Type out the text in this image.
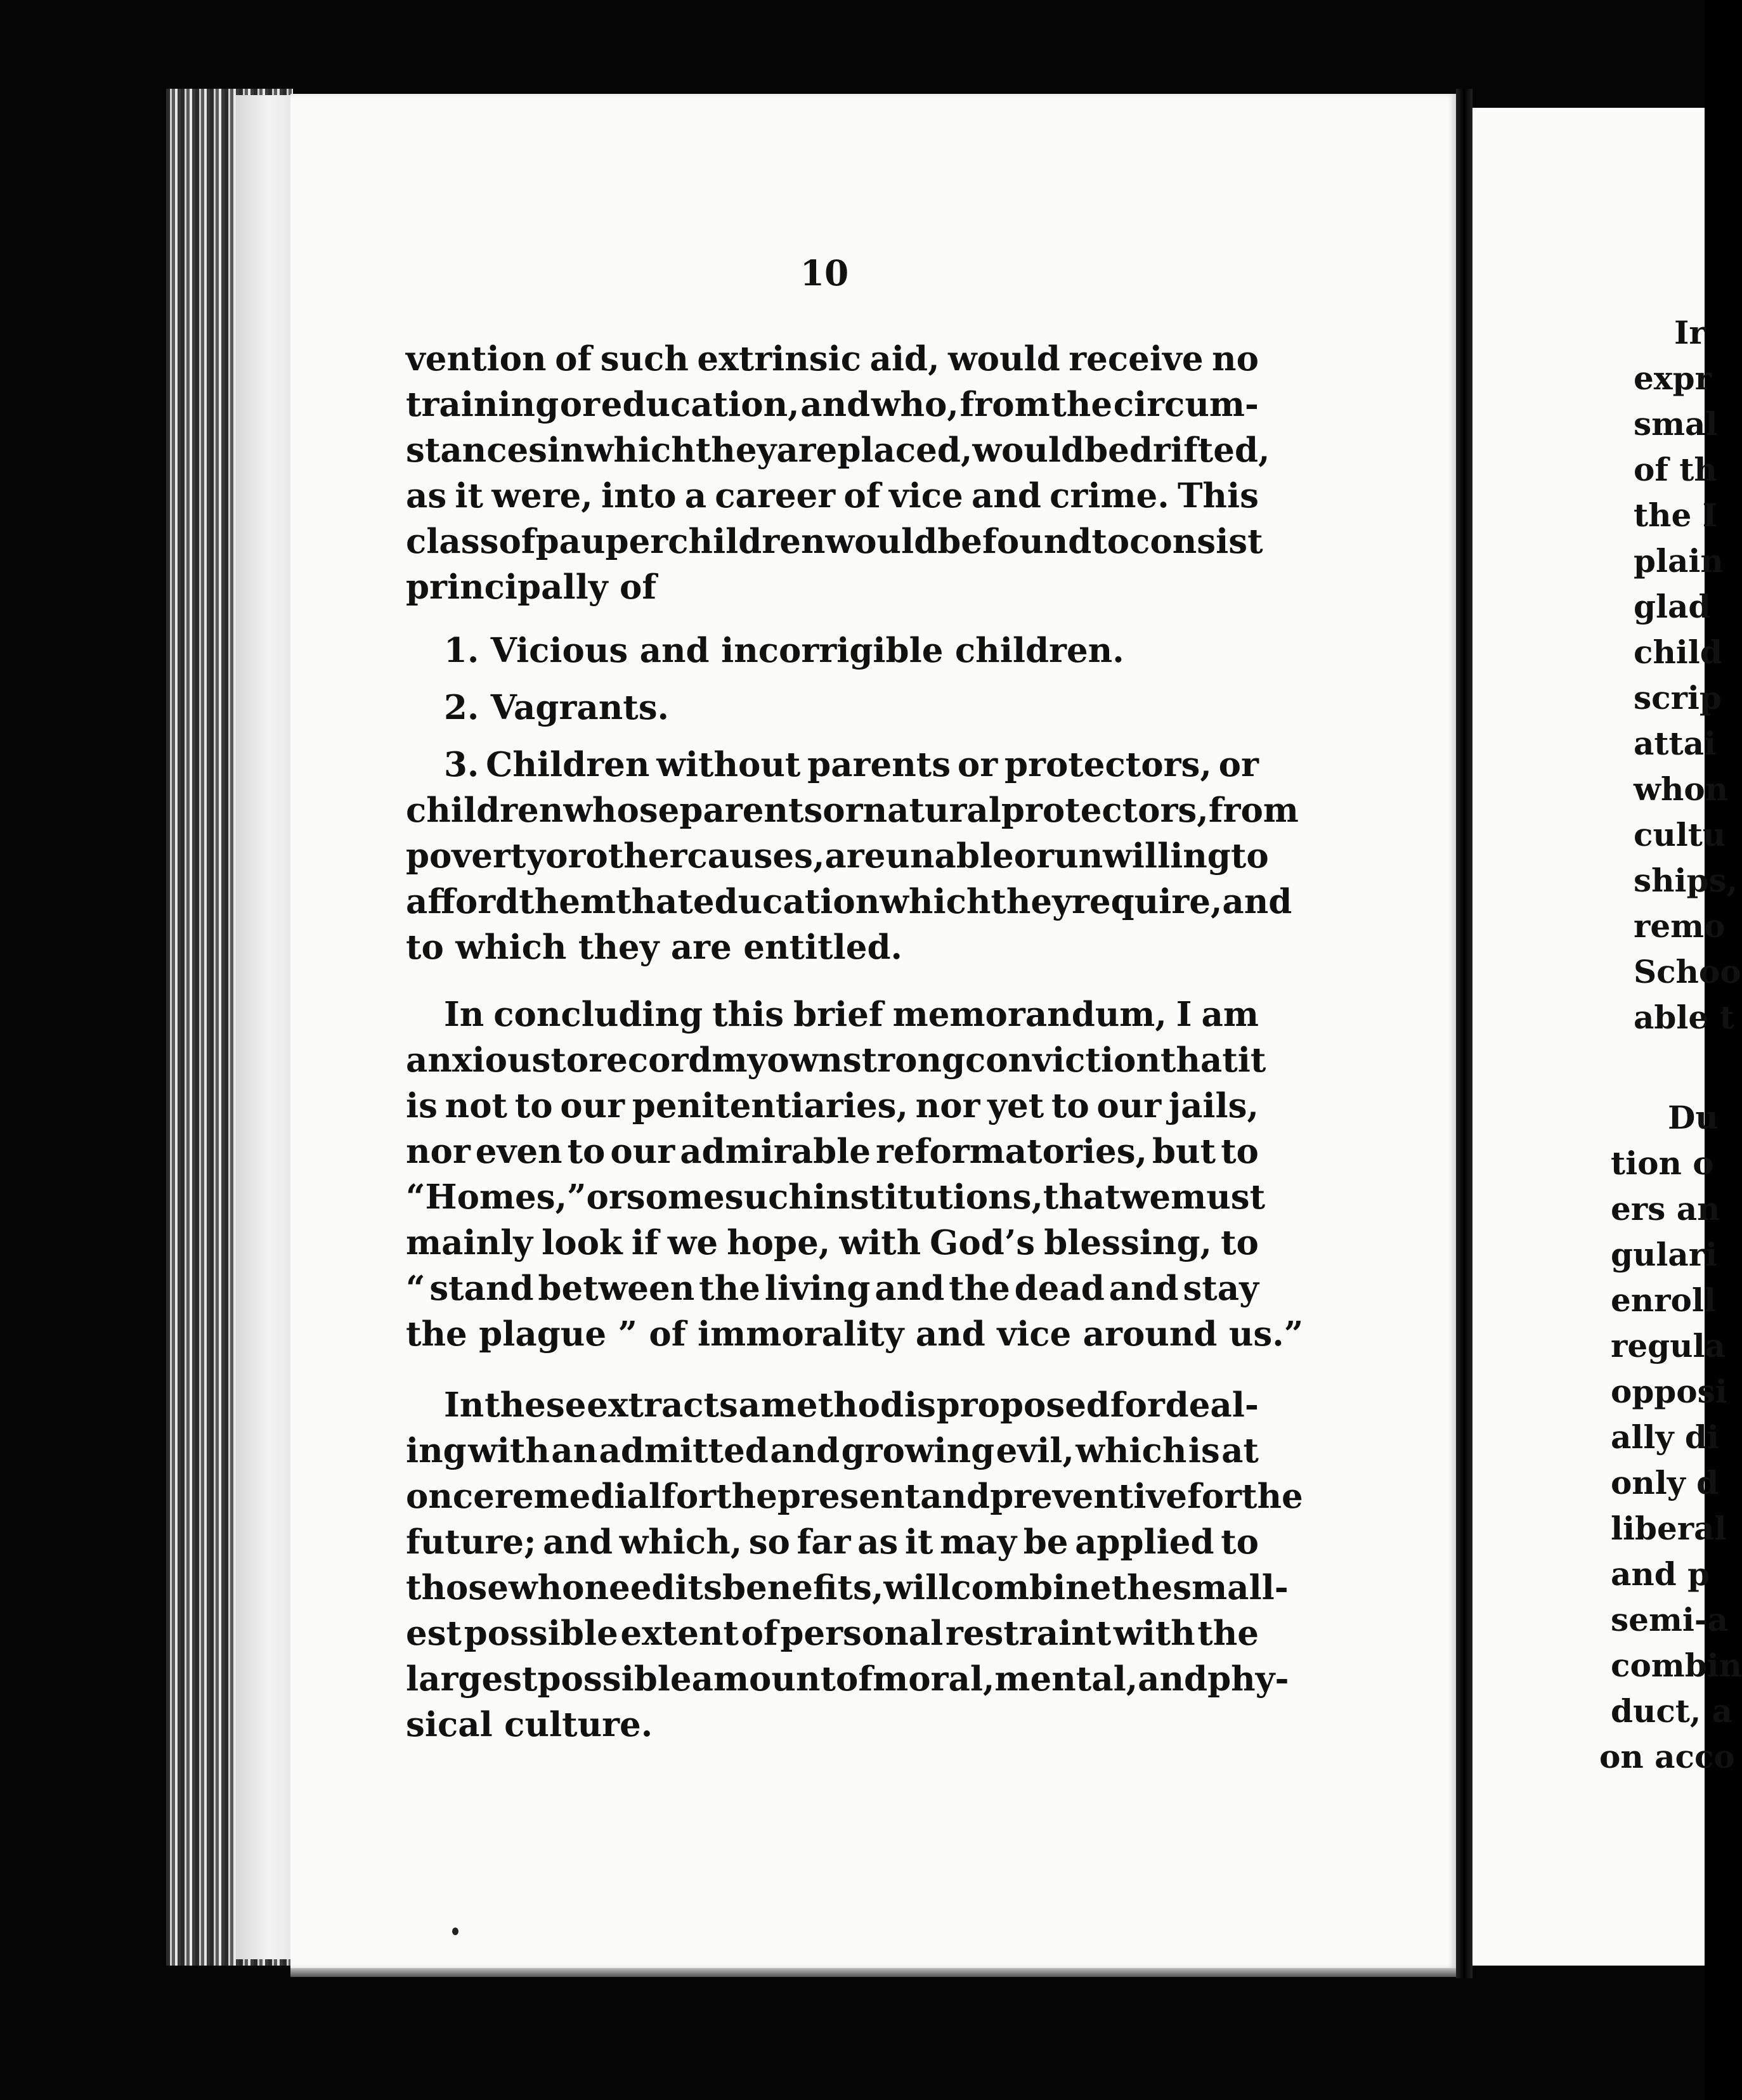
10
vention of such extrinsic aid, would receive no
training or education, and who, from the circum-
stances in which they are placed, would be drifted,
as it were, into a career of vice and crime. This
class of pauper children would be found to consist
principally of
1. Vicious and incorrigible children.
2. Vagrants.
3. Children without parents or protectors, or
children whose parents or natural protectors, from
poverty or other causes, are unable or unwilling to
afford them that education which they require, and
to which they are entitled.
In concluding this brief memorandum, I am
anxious to record my own strong conviction that it
is not to our penitentiaries, nor yet to our jails,
nor even to our admirable reformatories, but to
“ Homes,” or some such institutions, that we must
mainly look if we hope, with God’s blessing, to
“ stand between the living and the dead and stay
the plague ” of immorality and vice around us.”
In these extracts a method is proposed for deal-
ing with an admitted and growing evil, which is at
once remedial for the present and preventive for the
future; and which, so far as it may be applied to
those who need its benefits, will combine the small-
est possible extent of personal restraint with the
largest possible amount of moral, mental, and phy-
sical culture.
Ir
expr
smal
of th
the I
plain
glad
child
scrip
attai
whon
cultu
ships,
remo
Schoo
able t
Du
tion o
ers an
gulari
enroll
regula
opposi
ally di
only d
liberal
and p
semi-a
combin
duct, a
on acco
